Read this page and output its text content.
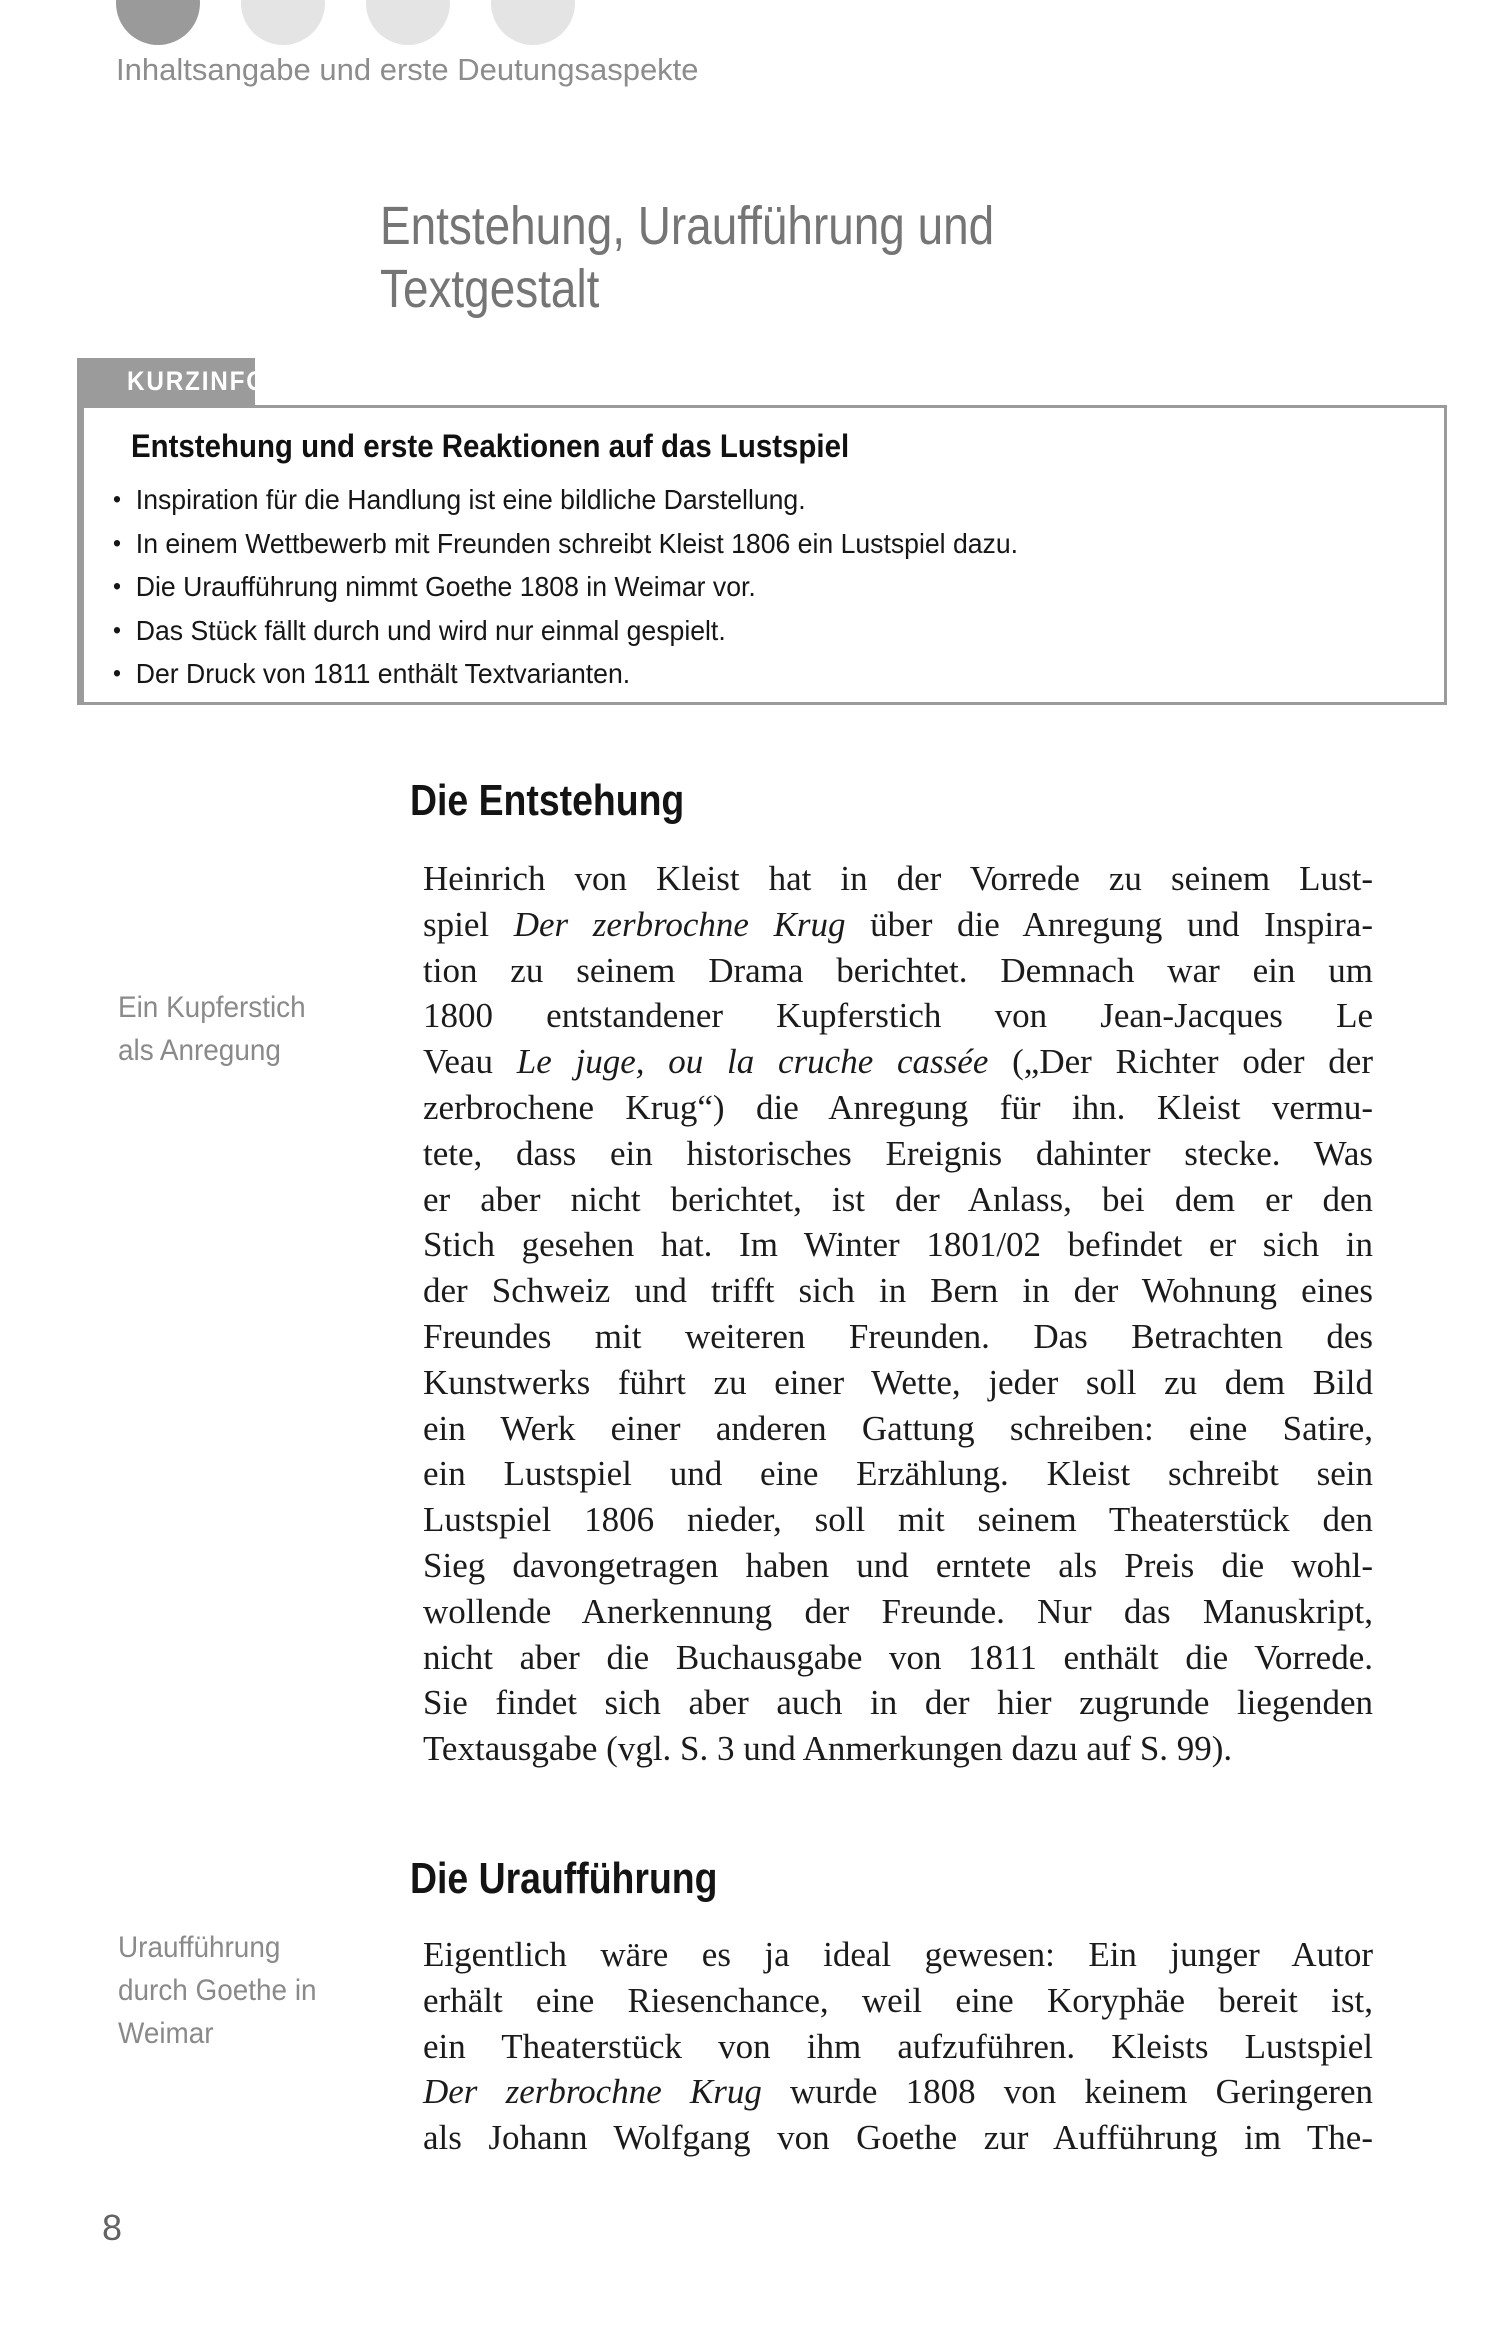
Inhaltsangabe und erste Deutungsaspekte
Entstehung, Uraufführung und
Textgestalt
KURZINFO
Entstehung und erste Reaktionen auf das Lustspiel
• Inspiration für die Handlung ist eine bildliche Darstellung.
• In einem Wettbewerb mit Freunden schreibt Kleist 1806 ein Lustspiel dazu.
• Die Uraufführung nimmt Goethe 1808 in Weimar vor.
• Das Stück fällt durch und wird nur einmal gespielt.
• Der Druck von 1811 enthält Textvarianten.
Die Entstehung
Ein Kupferstich
als Anregung
Heinrich von Kleist hat in der Vorrede zu seinem Lust-
spiel Der zerbrochne Krug über die Anregung und Inspira-
tion zu seinem Drama berichtet. Demnach war ein um
1800 entstandener Kupferstich von Jean-Jacques Le
Veau Le juge, ou la cruche cassée („Der Richter oder der
zerbrochene Krug“) die Anregung für ihn. Kleist vermu-
tete, dass ein historisches Ereignis dahinter stecke. Was
er aber nicht berichtet, ist der Anlass, bei dem er den
Stich gesehen hat. Im Winter 1801/02 befindet er sich in
der Schweiz und trifft sich in Bern in der Wohnung eines
Freundes mit weiteren Freunden. Das Betrachten des
Kunstwerks führt zu einer Wette, jeder soll zu dem Bild
ein Werk einer anderen Gattung schreiben: eine Satire,
ein Lustspiel und eine Erzählung. Kleist schreibt sein
Lustspiel 1806 nieder, soll mit seinem Theaterstück den
Sieg davongetragen haben und erntete als Preis die wohl-
wollende Anerkennung der Freunde. Nur das Manuskript,
nicht aber die Buchausgabe von 1811 enthält die Vorrede.
Sie findet sich aber auch in der hier zugrunde liegenden
Textausgabe (vgl. S. 3 und Anmerkungen dazu auf S. 99).
Die Uraufführung
Uraufführung
durch Goethe in
Weimar
Eigentlich wäre es ja ideal gewesen: Ein junger Autor
erhält eine Riesenchance, weil eine Koryphäe bereit ist,
ein Theaterstück von ihm aufzuführen. Kleists Lustspiel
Der zerbrochne Krug wurde 1808 von keinem Geringeren
als Johann Wolfgang von Goethe zur Aufführung im The-
8
